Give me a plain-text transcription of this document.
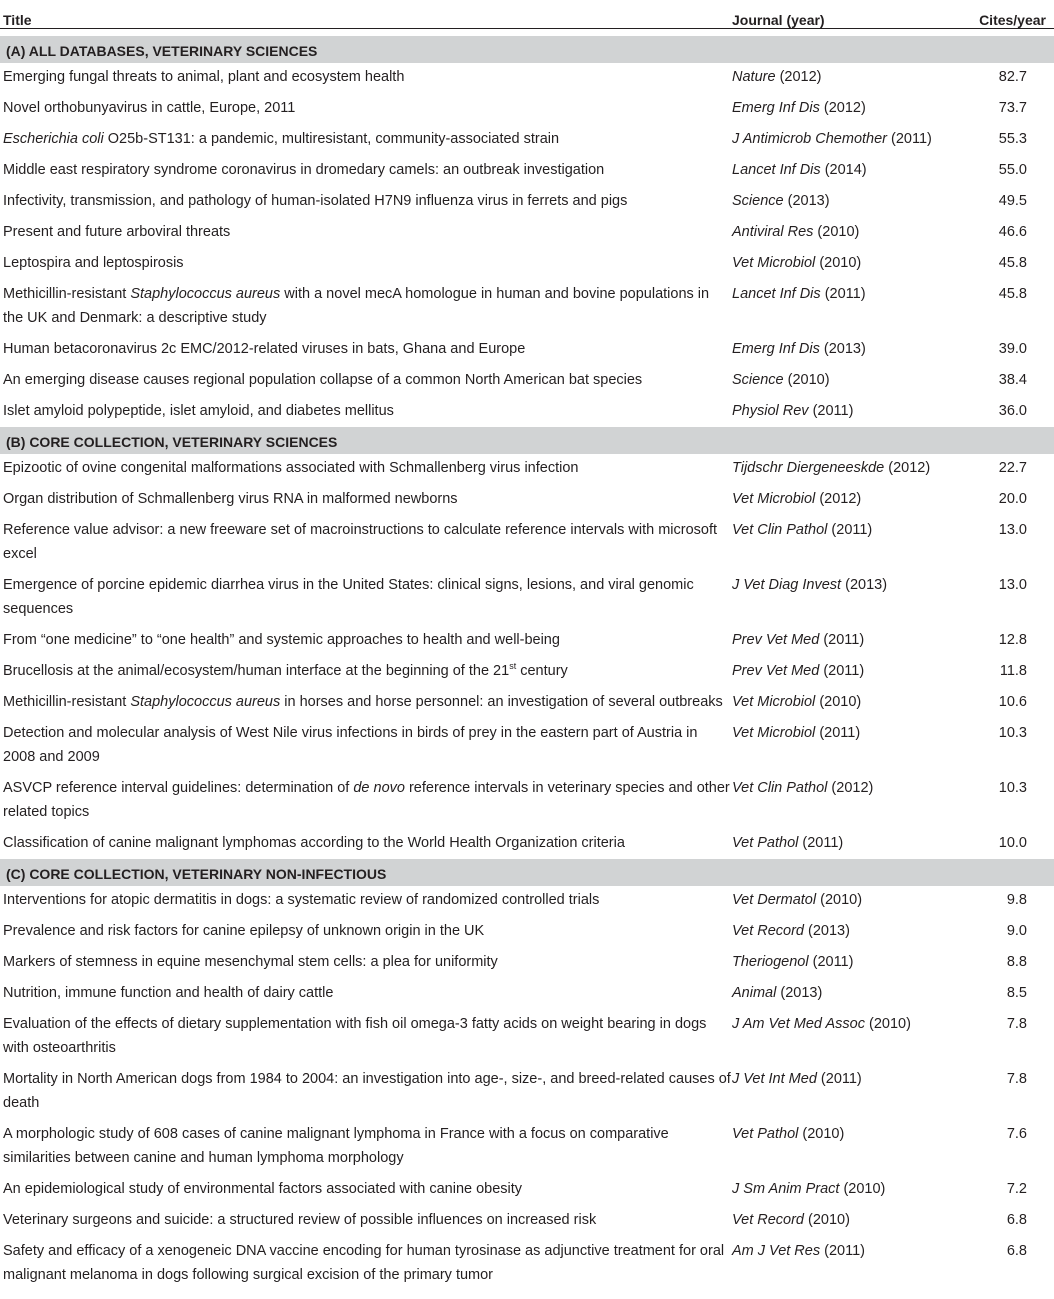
Title	Journal (year)	Cites/year

(A) ALL DATABASES, VETERINARY SCIENCES		
Emerging fungal threats to animal, plant and ecosystem health	Nature (2012)	82.7
Novel orthobunyavirus in cattle, Europe, 2011	Emerg Inf Dis (2012)	73.7
Escherichia coli O25b-ST131: a pandemic, multiresistant, community-associated strain	J Antimicrob Chemother (2011)	55.3
Middle east respiratory syndrome coronavirus in dromedary camels: an outbreak investigation	Lancet Inf Dis (2014)	55.0
Infectivity, transmission, and pathology of human-isolated H7N9 influenza virus in ferrets and pigs	Science (2013)	49.5
Present and future arboviral threats	Antiviral Res (2010)	46.6
Leptospira and leptospirosis	Vet Microbiol (2010)	45.8
Methicillin-resistant Staphylococcus aureus with a novel mecA homologue in human and bovine populations in the UK and Denmark: a descriptive study	Lancet Inf Dis (2011)	45.8
Human betacoronavirus 2c EMC/2012-related viruses in bats, Ghana and Europe	Emerg Inf Dis (2013)	39.0
An emerging disease causes regional population collapse of a common North American bat species	Science (2010)	38.4
Islet amyloid polypeptide, islet amyloid, and diabetes mellitus	Physiol Rev (2011)	36.0
(B) CORE COLLECTION, VETERINARY SCIENCES		
Epizootic of ovine congenital malformations associated with Schmallenberg virus infection	Tijdschr Diergeneeskde (2012)	22.7
Organ distribution of Schmallenberg virus RNA in malformed newborns	Vet Microbiol (2012)	20.0
Reference value advisor: a new freeware set of macroinstructions to calculate reference intervals with microsoft excel	Vet Clin Pathol (2011)	13.0
Emergence of porcine epidemic diarrhea virus in the United States: clinical signs, lesions, and viral genomic sequences	J Vet Diag Invest (2013)	13.0
From “one medicine” to “one health” and systemic approaches to health and well-being	Prev Vet Med (2011)	12.8
Brucellosis at the animal/ecosystem/human interface at the beginning of the 21st century	Prev Vet Med (2011)	11.8
Methicillin-resistant Staphylococcus aureus in horses and horse personnel: an investigation of several outbreaks	Vet Microbiol (2010)	10.6
Detection and molecular analysis of West Nile virus infections in birds of prey in the eastern part of Austria in 2008 and 2009	Vet Microbiol (2011)	10.3
ASVCP reference interval guidelines: determination of de novo reference intervals in veterinary species and other related topics	Vet Clin Pathol (2012)	10.3
Classification of canine malignant lymphomas according to the World Health Organization criteria	Vet Pathol (2011)	10.0
(C) CORE COLLECTION, VETERINARY NON-INFECTIOUS		
Interventions for atopic dermatitis in dogs: a systematic review of randomized controlled trials	Vet Dermatol (2010)	9.8
Prevalence and risk factors for canine epilepsy of unknown origin in the UK	Vet Record (2013)	9.0
Markers of stemness in equine mesenchymal stem cells: a plea for uniformity	Theriogenol (2011)	8.8
Nutrition, immune function and health of dairy cattle	Animal (2013)	8.5
Evaluation of the effects of dietary supplementation with fish oil omega-3 fatty acids on weight bearing in dogs with osteoarthritis	J Am Vet Med Assoc (2010)	7.8
Mortality in North American dogs from 1984 to 2004: an investigation into age-, size-, and breed-related causes of death	J Vet Int Med (2011)	7.8
A morphologic study of 608 cases of canine malignant lymphoma in France with a focus on comparative similarities between canine and human lymphoma morphology	Vet Pathol (2010)	7.6
An epidemiological study of environmental factors associated with canine obesity	J Sm Anim Pract (2010)	7.2
Veterinary surgeons and suicide: a structured review of possible influences on increased risk	Vet Record (2010)	6.8
Safety and efficacy of a xenogeneic DNA vaccine encoding for human tyrosinase as adjunctive treatment for oral malignant melanoma in dogs following surgical excision of the primary tumor	Am J Vet Res (2011)	6.8
